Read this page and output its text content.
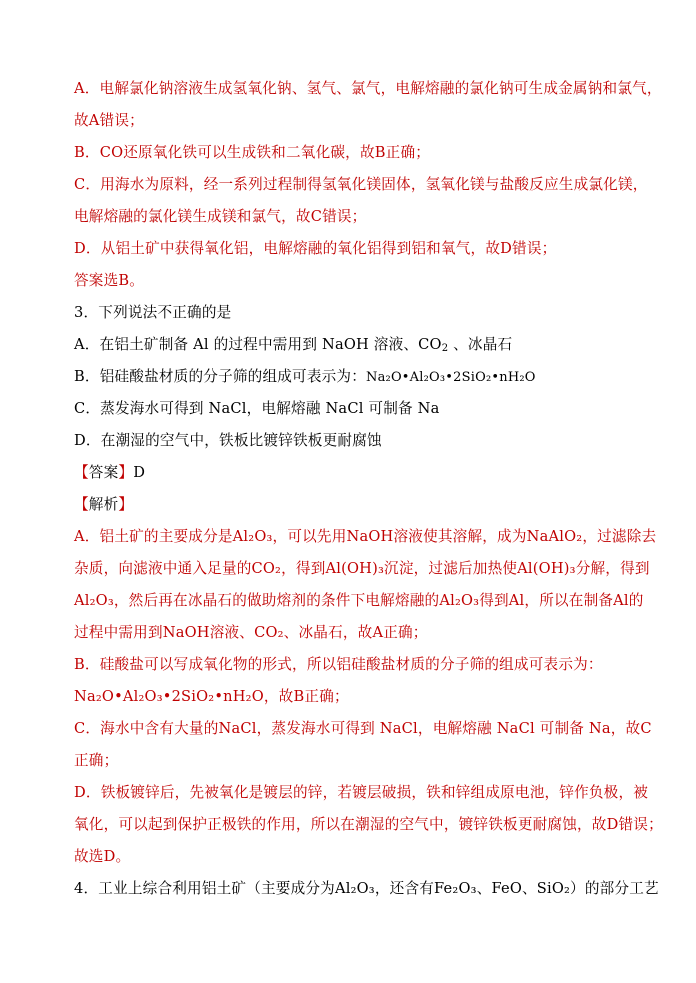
A．电解氯化钠溶液生成氢氧化钠、氢气、氯气，电解熔融的氯化钠可生成金属钠和氯气，
故A错误；
B．CO还原氧化铁可以生成铁和二氧化碳，故B正确；
C．用海水为原料，经一系列过程制得氢氧化镁固体，氢氧化镁与盐酸反应生成氯化镁，
电解熔融的氯化镁生成镁和氯气，故C错误；
D．从铝土矿中获得氧化铝，电解熔融的氧化铝得到铝和氧气，故D错误；
答案选B。
3．下列说法不正确的是
A．在铝土矿制备 Al 的过程中需用到 NaOH 溶液、$CO_2$ 、冰晶石
B．铝硅酸盐材质的分子筛的组成可表示为：Na₂O•Al₂O₃•2SiO₂•nH₂O
C．蒸发海水可得到 NaCl，电解熔融 NaCl 可制备 Na
D．在潮湿的空气中，铁板比镀锌铁板更耐腐蚀
【答案】D
【解析】
A．铝土矿的主要成分是Al₂O₃，可以先用NaOH溶液使其溶解，成为NaAlO₂，过滤除去
杂质，向滤液中通入足量的CO₂，得到Al(OH)₃沉淀，过滤后加热使Al(OH)₃分解，得到
Al₂O₃，然后再在冰晶石的做助熔剂的条件下电解熔融的Al₂O₃得到Al，所以在制备Al的
过程中需用到NaOH溶液、CO₂、冰晶石，故A正确；
B．硅酸盐可以写成氧化物的形式，所以铝硅酸盐材质的分子筛的组成可表示为：
Na₂O•Al₂O₃•2SiO₂•nH₂O，故B正确；
C．海水中含有大量的NaCl，蒸发海水可得到 NaCl，电解熔融 NaCl 可制备 Na，故C
正确；
D．铁板镀锌后，先被氧化是镀层的锌，若镀层破损，铁和锌组成原电池，锌作负极，被
氧化，可以起到保护正极铁的作用，所以在潮湿的空气中，镀锌铁板更耐腐蚀，故D错误；
故选D。
4．工业上综合利用铝土矿（主要成分为Al₂O₃，还含有Fe₂O₃、FeO、SiO₂）的部分工艺
